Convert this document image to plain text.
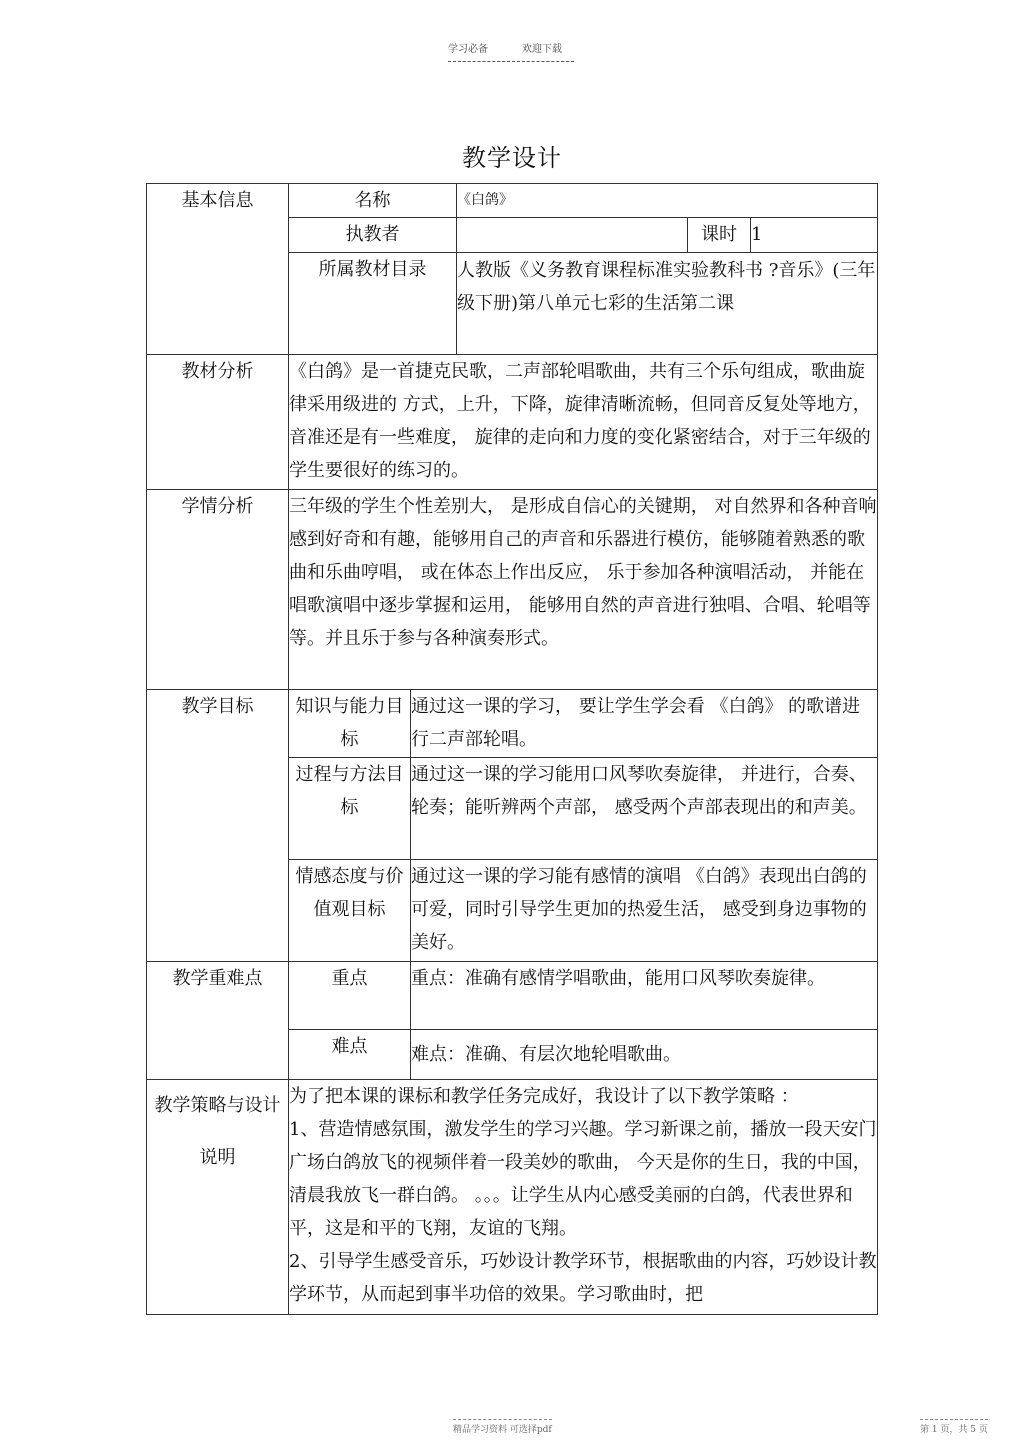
学习必备	欢迎下载
教学设计
基本信息	名称		《白鸽》		
	执教者			课时	1
	所属教材目录		人教版《义务教育课程标准实验教科书 ?音乐》(三年级下册)第八单元七彩的生活第二课		
教材分析	《白鸽》是一首捷克民歌，二声部轮唱歌曲，共有三个乐句组成，歌曲旋律采用级进的 方式，上升，下降，旋律清晰流畅，但同音反复处等地方， 音准还是有一些难度， 旋律的走向和力度的变化紧密结合，对于三年级的学生要很好的练习的。				
学情分析	三年级的学生个性差别大， 是形成自信心的关键期， 对自然界和各种音响感到好奇和有趣，能够用自己的声音和乐器进行模仿，能够随着熟悉的歌曲和乐曲哼唱， 或在体态上作出反应， 乐于参加各种演唱活动， 并能在唱歌演唱中逐步掌握和运用， 能够用自然的声音进行独唱、合唱、轮唱等等。并且乐于参与各种演奏形式。				
教学目标	知识与能力目标	通过这一课的学习， 要让学生学会看 《白鸽》 的歌谱进行二声部轮唱。			
	过程与方法目标	通过这一课的学习能用口风琴吹奏旋律， 并进行，合奏、轮奏；能听辨两个声部， 感受两个声部表现出的和声美。			
	情感态度与价值观目标	通过这一课的学习能有感情的演唱 《白鸽》表现出白鸽的可爱，同时引导学生更加的热爱生活， 感受到身边事物的美好。			
教学重难点	重点	重点：准确有感情学唱歌曲，能用口风琴吹奏旋律。			
	难点	难点：准确、有层次地轮唱歌曲。			
教学策略与设计说明	为了把本课的课标和教学任务完成好，我设计了以下教学策略 ：

1、营造情感氛围，激发学生的学习兴趣。学习新课之前，播放一段天安门广场白鸽放飞的视频伴着一段美妙的歌曲， 今天是你的生日，我的中国，清晨我放飞一群白鸽。 。。。让学生从内心感受美丽的白鸽，代表世界和平，这是和平的飞翔，友谊的飞翔。

2、引导学生感受音乐，巧妙设计教学环节，根据歌曲的内容，巧妙设计教学环节，从而起到事半功倍的效果。学习歌曲时，把				

精品学习资料 可选择pdf	第 1 页，共 5 页
